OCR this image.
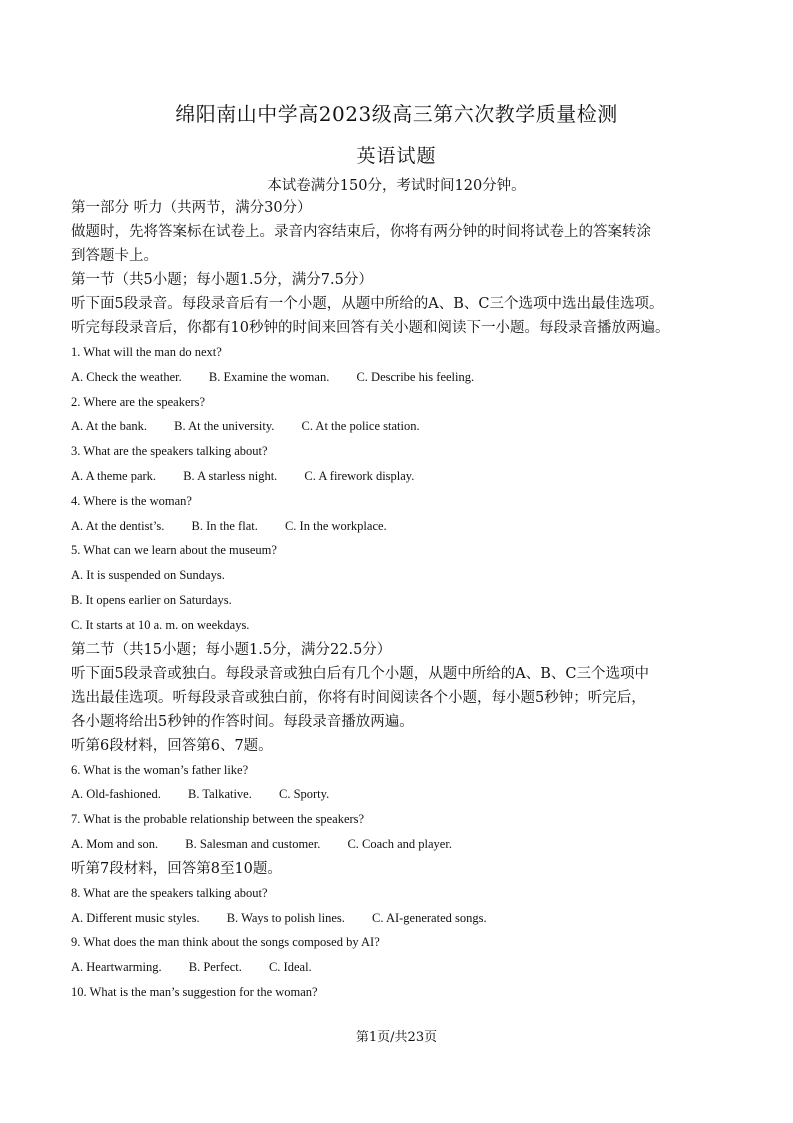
绵阳南山中学高2023级高三第六次教学质量检测
英语试题
本试卷满分150分，考试时间120分钟。
第一部分 听力（共两节，满分30分）
做题时，先将答案标在试卷上。录音内容结束后，你将有两分钟的时间将试卷上的答案转涂
到答题卡上。
第一节（共5小题；每小题1.5分，满分7.5分）
听下面5段录音。每段录音后有一个小题，从题中所给的A、B、C三个选项中选出最佳选项。
听完每段录音后，你都有10秒钟的时间来回答有关小题和阅读下一小题。每段录音播放两遍。
1. What will the man do next?
A. Check the weather. B. Examine the woman. C. Describe his feeling.
2. Where are the speakers?
A. At the bank. B. At the university. C. At the police station.
3. What are the speakers talking about?
A. A theme park. B. A starless night. C. A firework display.
4. Where is the woman?
A. At the dentist’s. B. In the flat. C. In the workplace.
5. What can we learn about the museum?
A. It is suspended on Sundays.
B. It opens earlier on Saturdays.
C. It starts at 10 a. m. on weekdays.
第二节（共15小题；每小题1.5分，满分22.5分）
听下面5段录音或独白。每段录音或独白后有几个小题，从题中所给的A、B、C三个选项中
选出最佳选项。听每段录音或独白前，你将有时间阅读各个小题，每小题5秒钟；听完后，
各小题将给出5秒钟的作答时间。每段录音播放两遍。
听第6段材料，回答第6、7题。
6. What is the woman’s father like?
A. Old-fashioned. B. Talkative. C. Sporty.
7. What is the probable relationship between the speakers?
A. Mom and son. B. Salesman and customer. C. Coach and player.
听第7段材料，回答第8至10题。
8. What are the speakers talking about?
A. Different music styles. B. Ways to polish lines. C. AI-generated songs.
9. What does the man think about the songs composed by AI?
A. Heartwarming. B. Perfect. C. Ideal.
10. What is the man’s suggestion for the woman?
第1页/共23页
